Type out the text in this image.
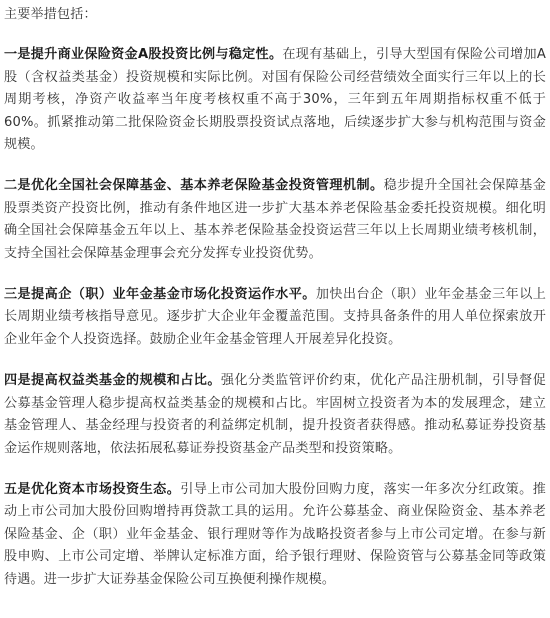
主要举措包括：

一是提升商业保险资金A股投资比例与稳定性。在现有基础上，引导大型国有保险公司增加A股（含权益类基金）投资规模和实际比例。对国有保险公司经营绩效全面实行三年以上的长周期考核，净资产收益率当年度考核权重不高于30%，三年到五年周期指标权重不低于60%。抓紧推动第二批保险资金长期股票投资试点落地，后续逐步扩大参与机构范围与资金规模。

二是优化全国社会保障基金、基本养老保险基金投资管理机制。稳步提升全国社会保障基金股票类资产投资比例，推动有条件地区进一步扩大基本养老保险基金委托投资规模。细化明确全国社会保障基金五年以上、基本养老保险基金投资运营三年以上长周期业绩考核机制，支持全国社会保障基金理事会充分发挥专业投资优势。

三是提高企（职）业年金基金市场化投资运作水平。加快出台企（职）业年金基金三年以上长周期业绩考核指导意见。逐步扩大企业年金覆盖范围。支持具备条件的用人单位探索放开企业年金个人投资选择。鼓励企业年金基金管理人开展差异化投资。

四是提高权益类基金的规模和占比。强化分类监管评价约束，优化产品注册机制，引导督促公募基金管理人稳步提高权益类基金的规模和占比。牢固树立投资者为本的发展理念，建立基金管理人、基金经理与投资者的利益绑定机制，提升投资者获得感。推动私募证券投资基金运作规则落地，依法拓展私募证券投资基金产品类型和投资策略。

五是优化资本市场投资生态。引导上市公司加大股份回购力度，落实一年多次分红政策。推动上市公司加大股份回购增持再贷款工具的运用。允许公募基金、商业保险资金、基本养老保险基金、企（职）业年金基金、银行理财等作为战略投资者参与上市公司定增。在参与新股申购、上市公司定增、举牌认定标准方面，给予银行理财、保险资管与公募基金同等政策待遇。进一步扩大证券基金保险公司互换便利操作规模。
